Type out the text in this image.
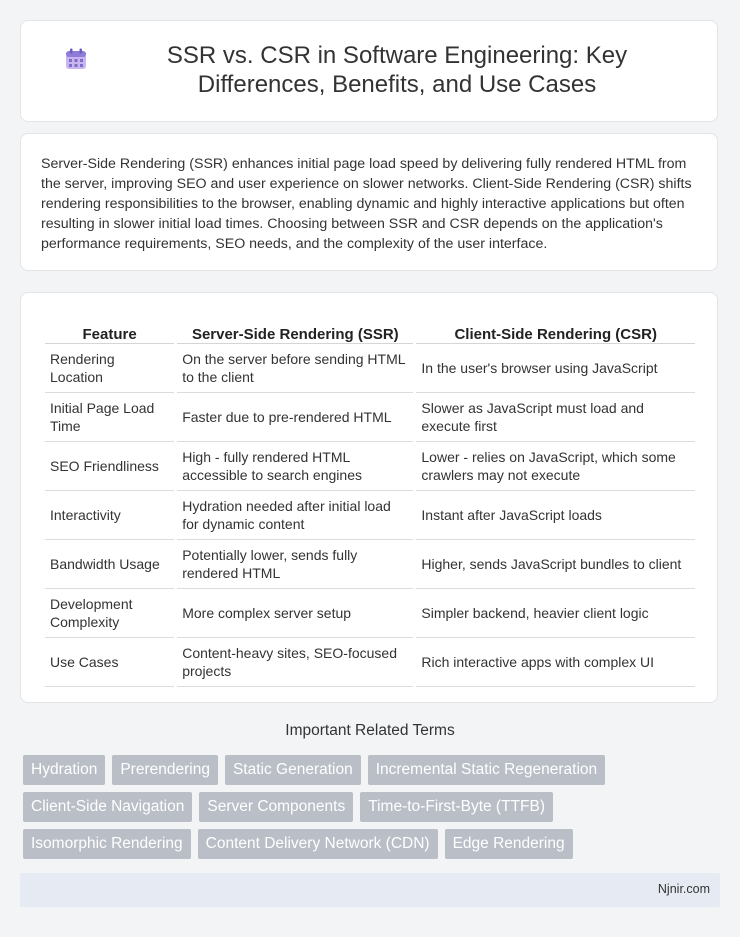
SSR vs. CSR in Software Engineering: Key Differences, Benefits, and Use Cases

Server-Side Rendering (SSR) enhances initial page load speed by delivering fully rendered HTML from the server, improving SEO and user experience on slower networks. Client-Side Rendering (CSR) shifts rendering responsibilities to the browser, enabling dynamic and highly interactive applications but often resulting in slower initial load times. Choosing between SSR and CSR depends on the application's performance requirements, SEO needs, and the complexity of the user interface.

Feature	Server-Side Rendering (SSR)	Client-Side Rendering (CSR)
Rendering Location	On the server before sending HTML to the client	In the user's browser using JavaScript
Initial Page Load Time	Faster due to pre-rendered HTML	Slower as JavaScript must load and execute first
SEO Friendliness	High - fully rendered HTML accessible to search engines	Lower - relies on JavaScript, which some crawlers may not execute
Interactivity	Hydration needed after initial load for dynamic content	Instant after JavaScript loads
Bandwidth Usage	Potentially lower, sends fully rendered HTML	Higher, sends JavaScript bundles to client
Development Complexity	More complex server setup	Simpler backend, heavier client logic
Use Cases	Content-heavy sites, SEO-focused projects	Rich interactive apps with complex UI
Important Related Terms
Hydration	Prerendering	Static Generation	Incremental Static Regeneration
Client-Side Navigation	Server Components	Time-to-First-Byte (TTFB)
Isomorphic Rendering	Content Delivery Network (CDN)	Edge Rendering
Njnir.com
